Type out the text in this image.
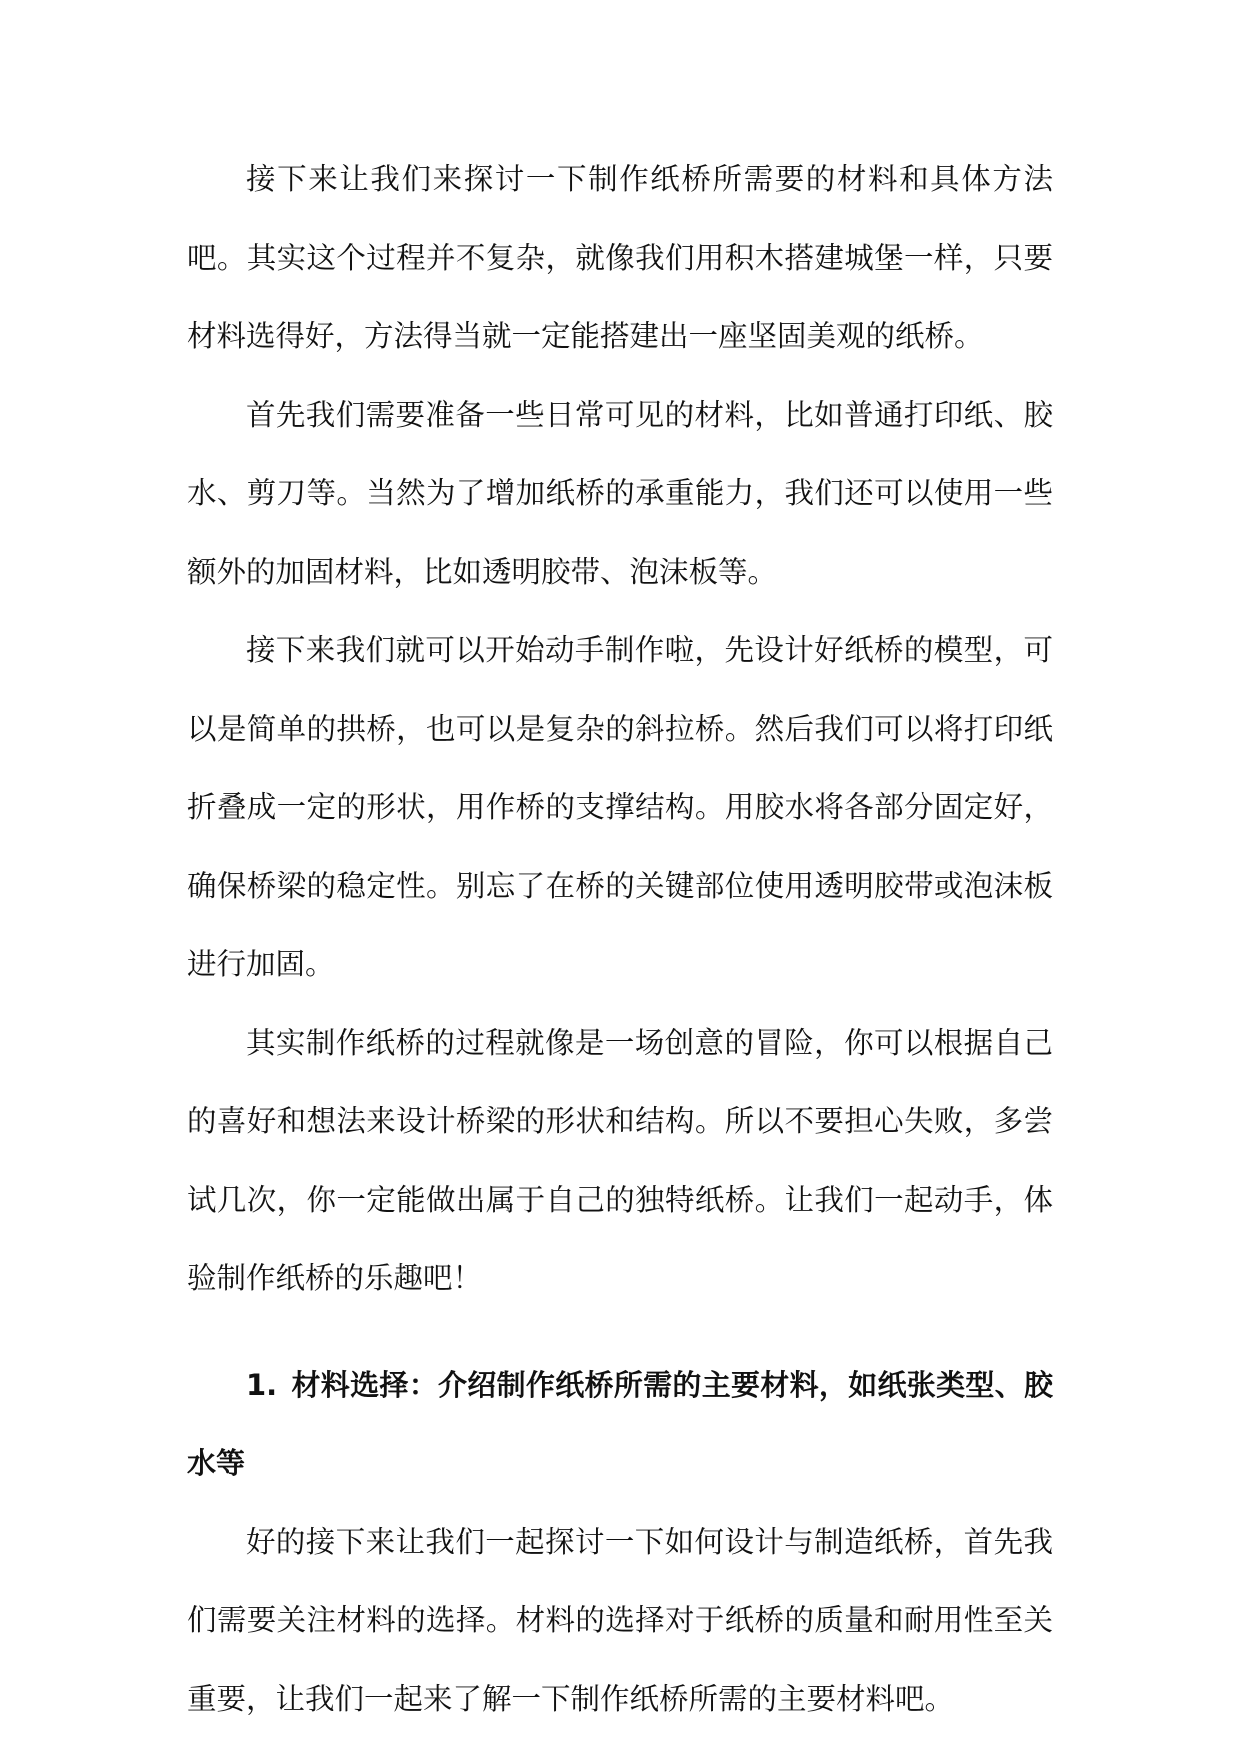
接下来让我们来探讨一下制作纸桥所需要的材料和具体方法吧。其实这个过程并不复杂，就像我们用积木搭建城堡一样，只要材料选得好，方法得当就一定能搭建出一座坚固美观的纸桥。

首先我们需要准备一些日常可见的材料，比如普通打印纸、胶水、剪刀等。当然为了增加纸桥的承重能力，我们还可以使用一些额外的加固材料，比如透明胶带、泡沫板等。

接下来我们就可以开始动手制作啦，先设计好纸桥的模型，可以是简单的拱桥，也可以是复杂的斜拉桥。然后我们可以将打印纸折叠成一定的形状，用作桥的支撑结构。用胶水将各部分固定好，确保桥梁的稳定性。别忘了在桥的关键部位使用透明胶带或泡沫板进行加固。

其实制作纸桥的过程就像是一场创意的冒险，你可以根据自己的喜好和想法来设计桥梁的形状和结构。所以不要担心失败，多尝试几次，你一定能做出属于自己的独特纸桥。让我们一起动手，体验制作纸桥的乐趣吧！

1. 材料选择：介绍制作纸桥所需的主要材料，如纸张类型、胶水等

好的接下来让我们一起探讨一下如何设计与制造纸桥，首先我们需要关注材料的选择。材料的选择对于纸桥的质量和耐用性至关重要，让我们一起来了解一下制作纸桥所需的主要材料吧。
